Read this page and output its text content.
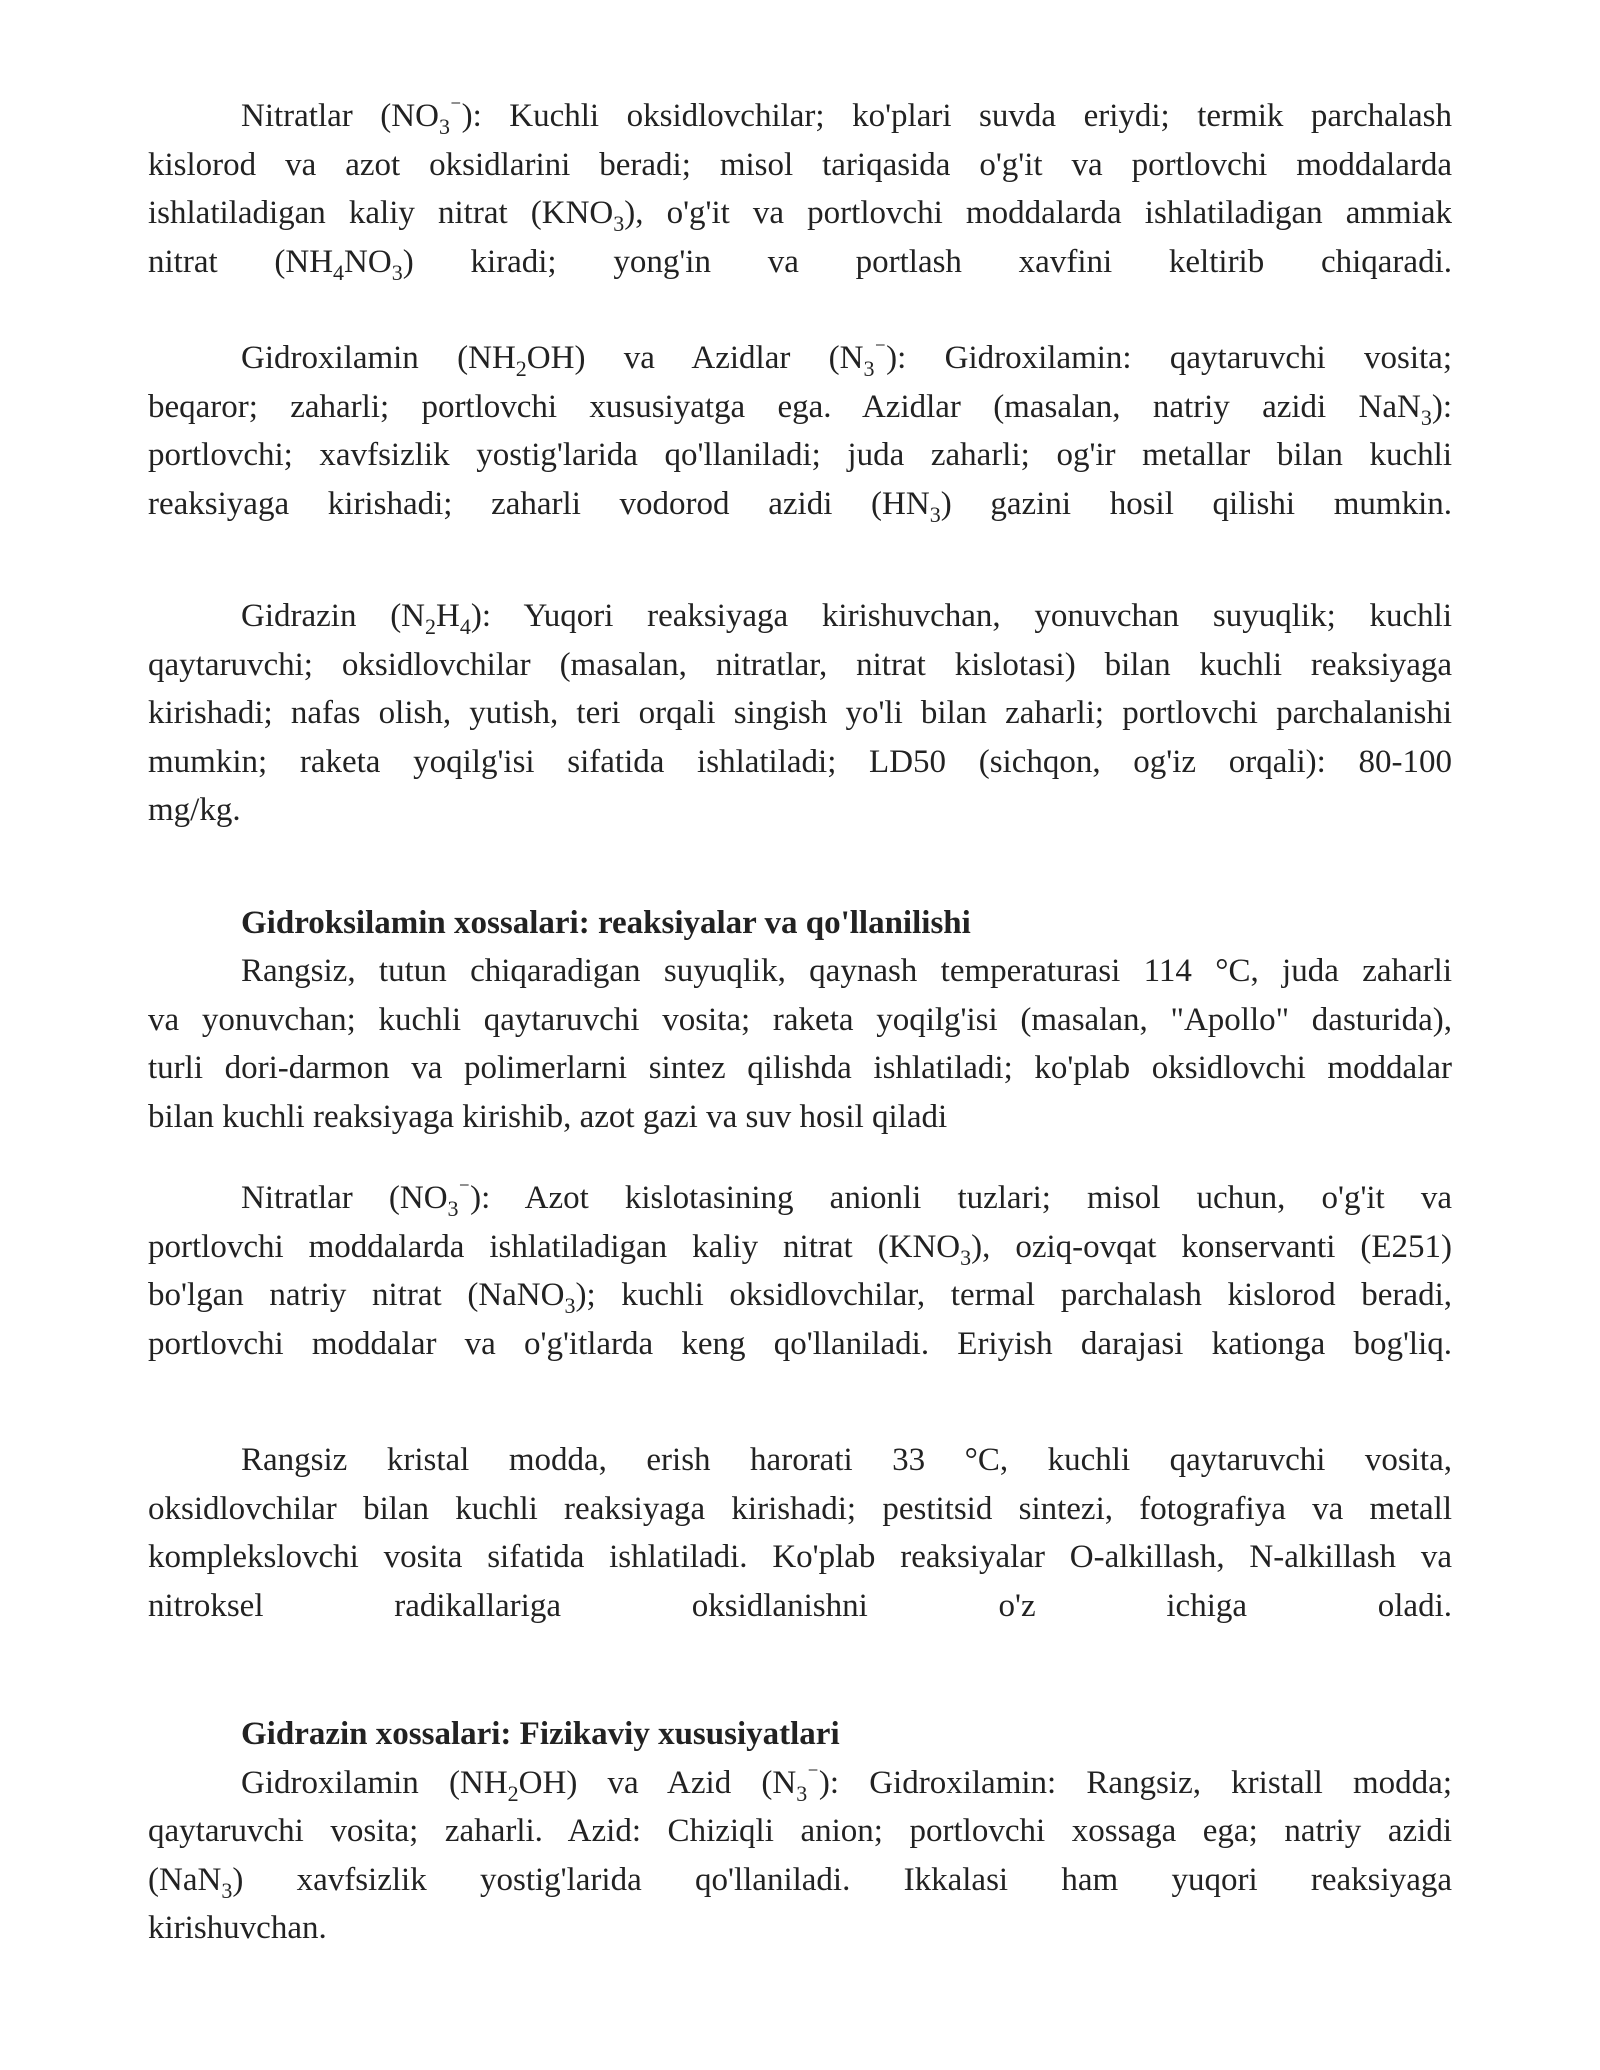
Nitratlar $(NO_3^{^-})$: Kuchli oksidlovchilar; ko'plari suvda eriydi; termik parchalash
kislorod va azot oksidlarini beradi; misol tariqasida o'g'it va portlovchi moddalarda
ishlatiladigan kaliy nitrat $(KNO_3)$, o'g'it va portlovchi moddalarda ishlatiladigan ammiak
nitrat $(NH_4NO_3)$ kiradi; yong'in va portlash xavfini keltirib chiqaradi.
Gidroxilamin $(NH_2OH)$ va Azidlar $(N_3^{^-})$: Gidroxilamin: qaytaruvchi vosita;
beqaror; zaharli; portlovchi xususiyatga ega. Azidlar (masalan, natriy azidi NaN$_3$):
portlovchi; xavfsizlik yostig'larida qo'llaniladi; juda zaharli; og'ir metallar bilan kuchli
reaksiyaga kirishadi; zaharli vodorod azidi $(HN_3)$ gazini hosil qilishi mumkin.
Gidrazin $(N_2H_4)$: Yuqori reaksiyaga kirishuvchan, yonuvchan suyuqlik; kuchli
qaytaruvchi; oksidlovchilar (masalan, nitratlar, nitrat kislotasi) bilan kuchli reaksiyaga
kirishadi; nafas olish, yutish, teri orqali singish yo'li bilan zaharli; portlovchi parchalanishi
mumkin; raketa yoqilg'isi sifatida ishlatiladi; LD50 (sichqon, og'iz orqali): 80-100
mg/kg.
Gidroksilamin xossalari: reaksiyalar va qo'llanilishi
Rangsiz, tutun chiqaradigan suyuqlik, qaynash temperaturasi 114 °C, juda zaharli
va yonuvchan; kuchli qaytaruvchi vosita; raketa yoqilg'isi (masalan, "Apollo" dasturida),
turli dori-darmon va polimerlarni sintez qilishda ishlatiladi; ko'plab oksidlovchi moddalar
bilan kuchli reaksiyaga kirishib, azot gazi va suv hosil qiladi
Nitratlar $(NO_3^{^-})$: Azot kislotasining anionli tuzlari; misol uchun, o'g'it va
portlovchi moddalarda ishlatiladigan kaliy nitrat $(KNO_3)$, oziq-ovqat konservanti (E251)
bo'lgan natriy nitrat (NaNO$_3$); kuchli oksidlovchilar, termal parchalash kislorod beradi,
portlovchi moddalar va o'g'itlarda keng qo'llaniladi. Eriyish darajasi kationga bog'liq.
Rangsiz kristal modda, erish harorati 33 °C, kuchli qaytaruvchi vosita,
oksidlovchilar bilan kuchli reaksiyaga kirishadi; pestitsid sintezi, fotografiya va metall
komplekslovchi vosita sifatida ishlatiladi. Ko'plab reaksiyalar O-alkillash, N-alkillash va
nitroksel radikallariga oksidlanishni o'z ichiga oladi.
Gidrazin xossalari: Fizikaviy xususiyatlari
Gidroxilamin $(NH_2OH)$ va Azid $(N_3^{^-})$: Gidroxilamin: Rangsiz, kristall modda;
qaytaruvchi vosita; zaharli. Azid: Chiziqli anion; portlovchi xossaga ega; natriy azidi
(NaN$_3$) xavfsizlik yostig'larida qo'llaniladi. Ikkalasi ham yuqori reaksiyaga
kirishuvchan.
